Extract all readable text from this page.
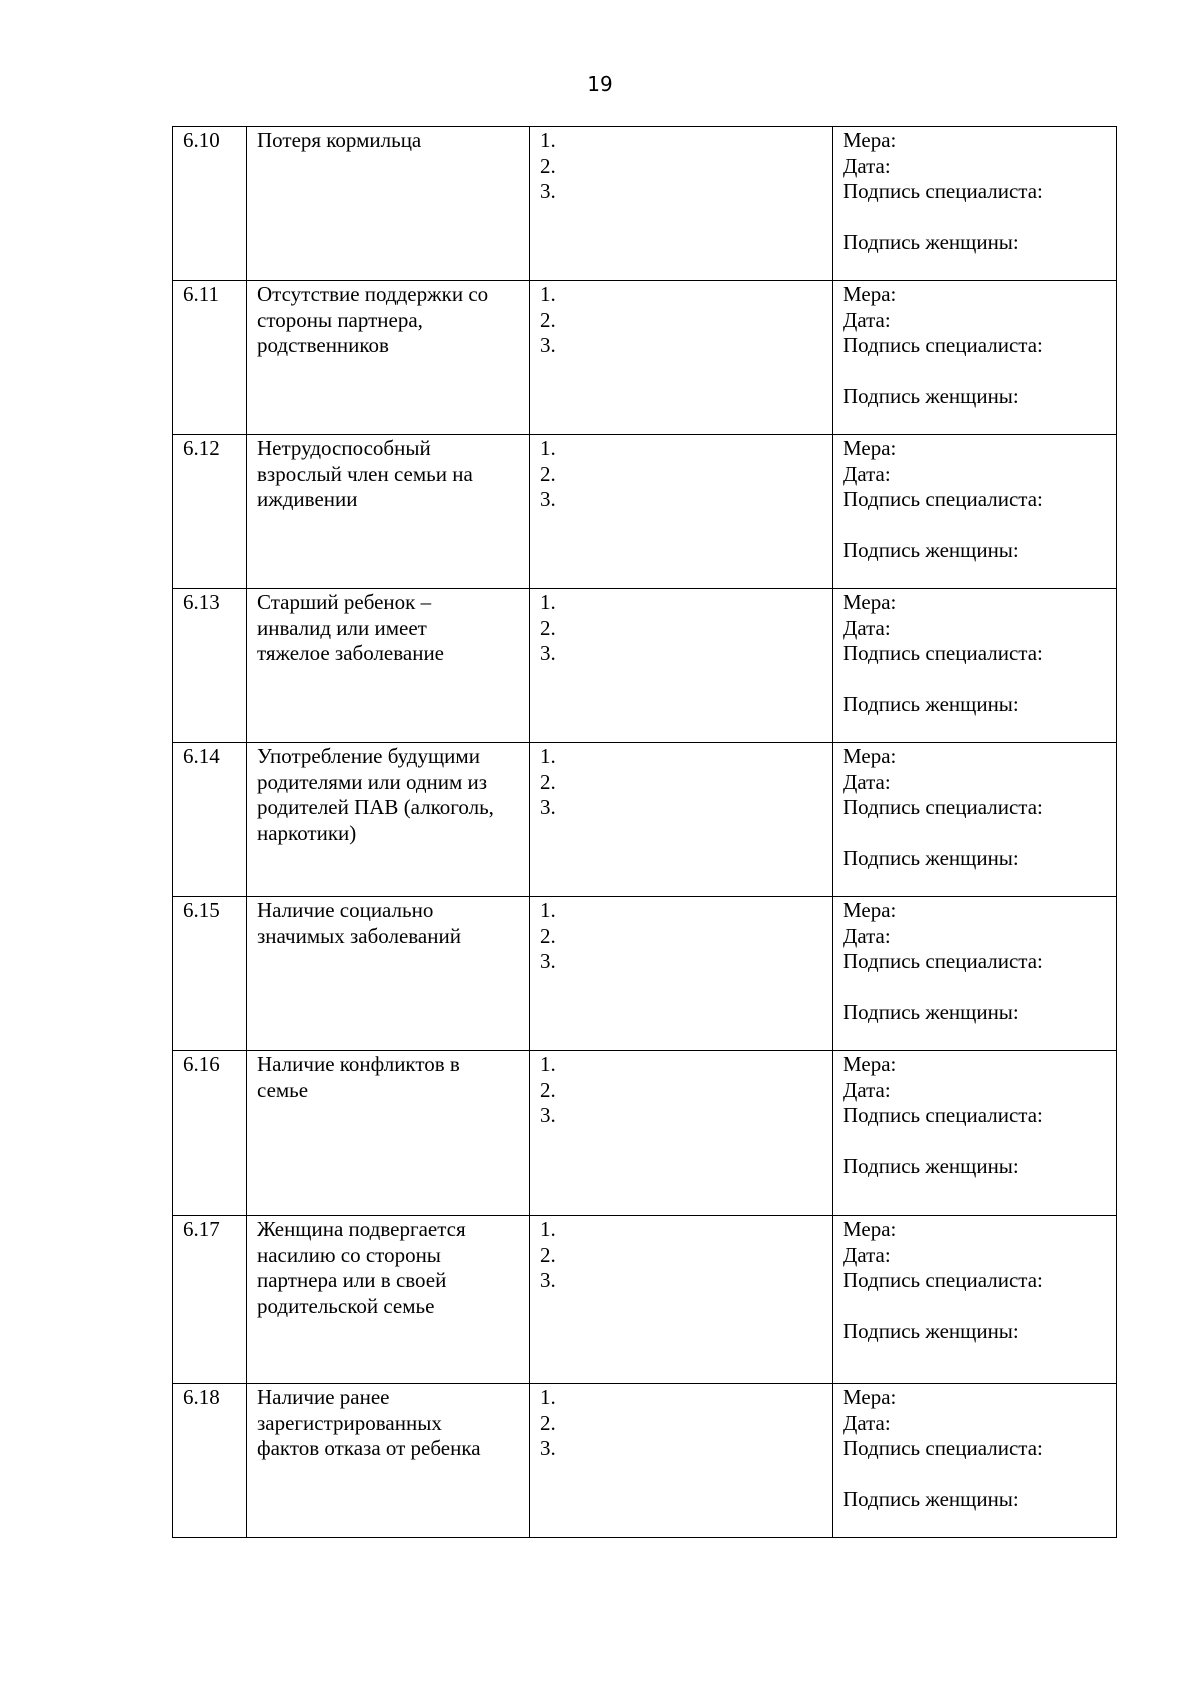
19
6.10	Потеря кормильца	1.
2.
3.	Мера:
Дата:
Подпись специалиста:
Подпись женщины:

6.11	Отсутствие поддержки со
стороны партнера,
родственников	1.
2.
3.	Мера:
Дата:
Подпись специалиста:
Подпись женщины:

6.12	Нетрудоспособный
взрослый член семьи на
иждивении	1.
2.
3.	Мера:
Дата:
Подпись специалиста:
Подпись женщины:

6.13	Старший ребенок –
инвалид или имеет
тяжелое заболевание	1.
2.
3.	Мера:
Дата:
Подпись специалиста:
Подпись женщины:

6.14	Употребление будущими
родителями или одним из
родителей ПАВ (алкоголь,
наркотики)	1.
2.
3.	Мера:
Дата:
Подпись специалиста:
Подпись женщины:

6.15	Наличие социально
значимых заболеваний	1.
2.
3.	Мера:
Дата:
Подпись специалиста:
Подпись женщины:

6.16	Наличие конфликтов в
семье	1.
2.
3.	Мера:
Дата:
Подпись специалиста:
Подпись женщины:

6.17	Женщина подвергается
насилию со стороны
партнера или в своей
родительской семье	1.
2.
3.	Мера:
Дата:
Подпись специалиста:
Подпись женщины:

6.18	Наличие ранее
зарегистрированных
фактов отказа от ребенка	1.
2.
3.	Мера:
Дата:
Подпись специалиста:
Подпись женщины:
